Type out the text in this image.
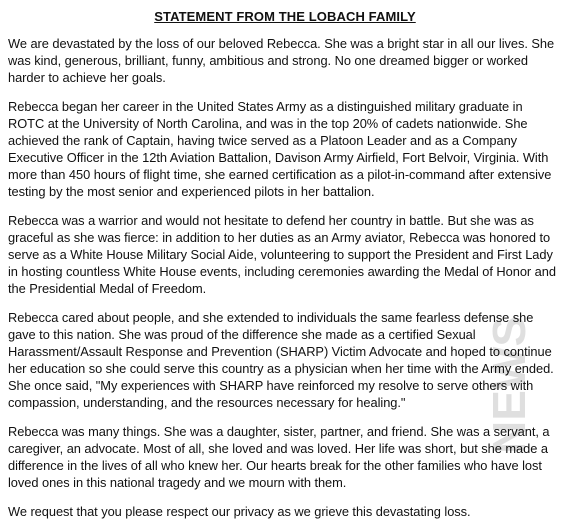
STATEMENT FROM THE LOBACH FAMILY

We are devastated by the loss of our beloved Rebecca. She was a bright star in all our lives. She was kind, generous, brilliant, funny, ambitious and strong. No one dreamed bigger or worked harder to achieve her goals.

Rebecca began her career in the United States Army as a distinguished military graduate in ROTC at the University of North Carolina, and was in the top 20% of cadets nationwide. She achieved the rank of Captain, having twice served as a Platoon Leader and as a Company Executive Officer in the 12th Aviation Battalion, Davison Army Airfield, Fort Belvoir, Virginia. With more than 450 hours of flight time, she earned certification as a pilot-in-command after extensive testing by the most senior and experienced pilots in her battalion.

Rebecca was a warrior and would not hesitate to defend her country in battle. But she was as graceful as she was fierce: in addition to her duties as an Army aviator, Rebecca was honored to serve as a White House Military Social Aide, volunteering to support the President and First Lady in hosting countless White House events, including ceremonies awarding the Medal of Honor and the Presidential Medal of Freedom.

Rebecca cared about people, and she extended to individuals the same fearless defense she gave to this nation. She was proud of the difference she made as a certified Sexual Harassment/Assault Response and Prevention (SHARP) Victim Advocate and hoped to continue her education so she could serve this country as a physician when her time with the Army ended. She once said, "My experiences with SHARP have reinforced my resolve to serve others with compassion, understanding, and the resources necessary for healing."

Rebecca was many things. She was a daughter, sister, partner, and friend. She was a servant, a caregiver, an advocate. Most of all, she loved and was loved. Her life was short, but she made a difference in the lives of all who knew her. Our hearts break for the other families who have lost loved ones in this national tragedy and we mourn with them.

We request that you please respect our privacy as we grieve this devastating loss.

NEWS
